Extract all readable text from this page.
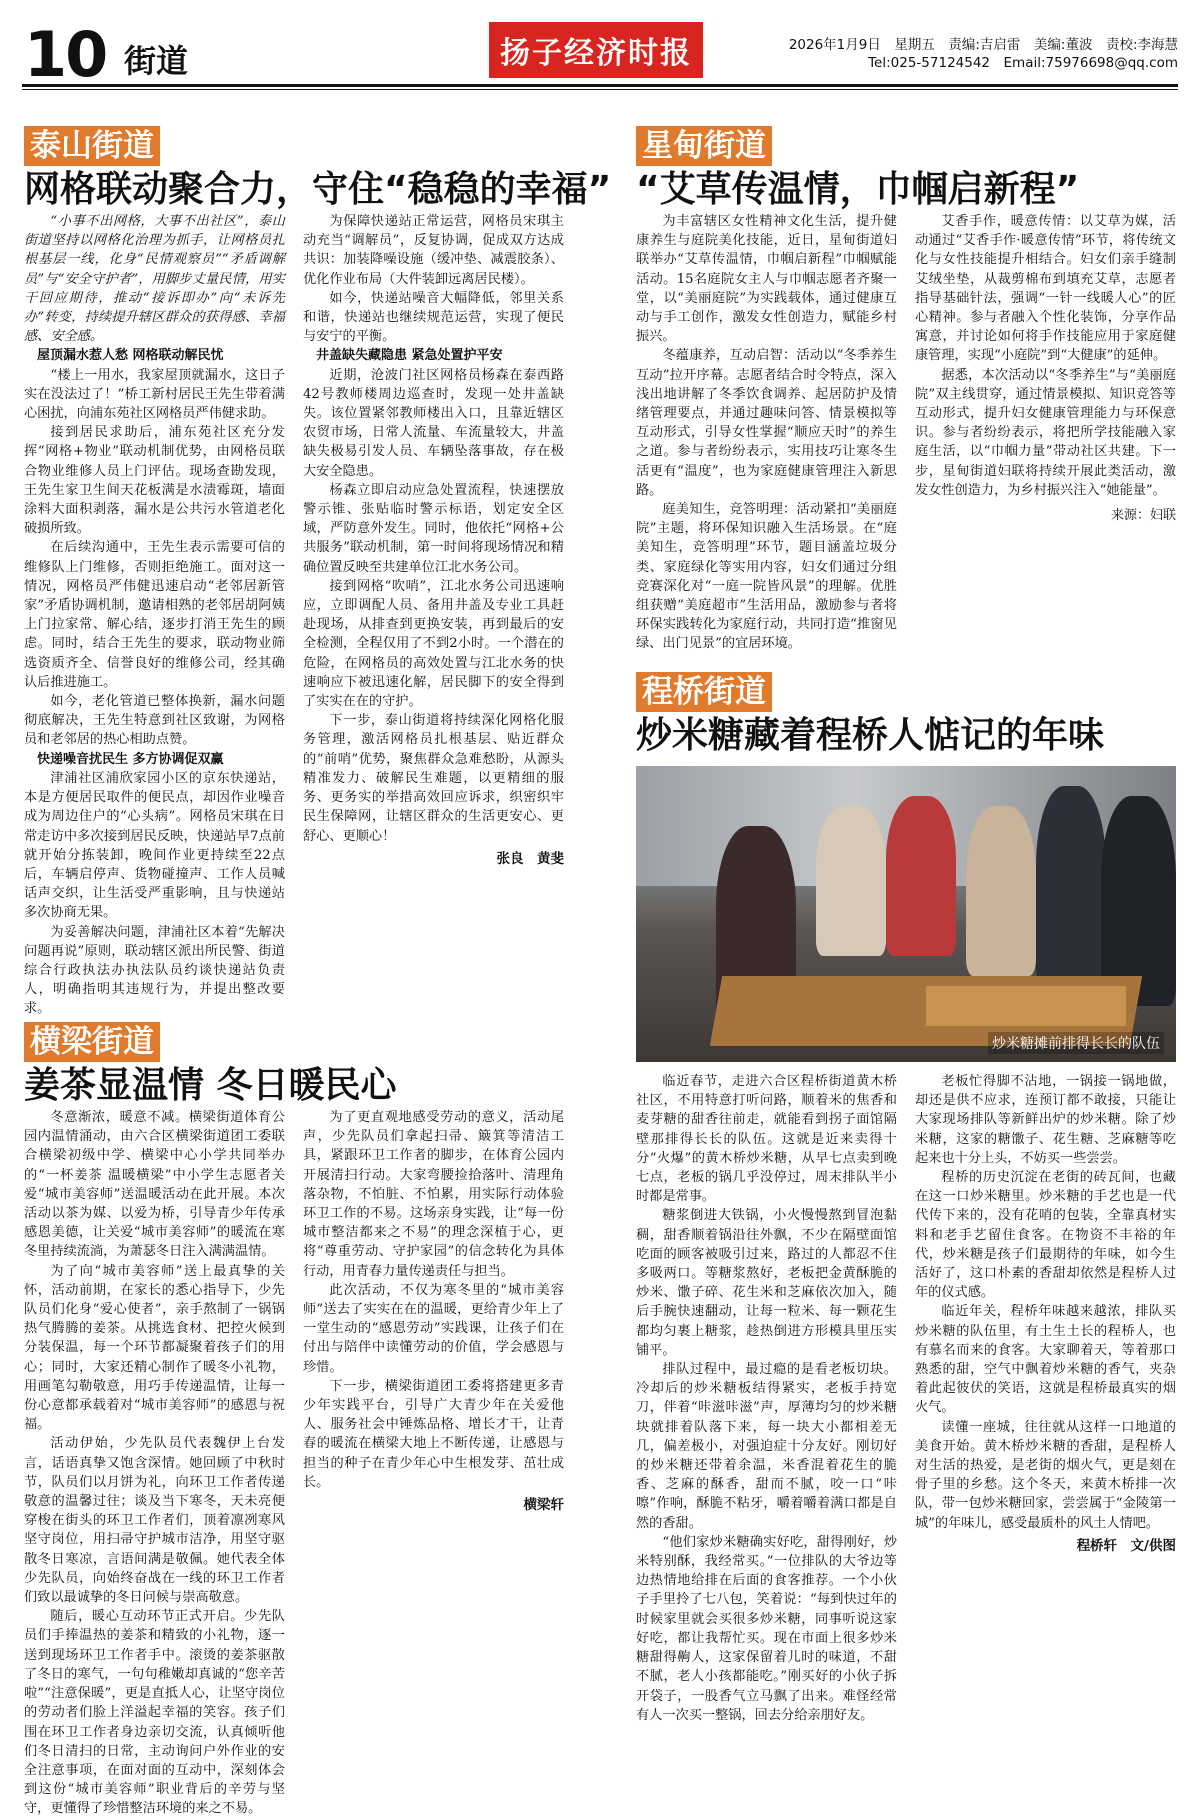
10 街道	扬子经济时报	2026年1月9日　星期五　责编:吉启雷　美编:董波　责校:李海慧
Tel:025-57124542　Email:75976698@qq.com
泰山街道
网格联动聚合力，守住“稳稳的幸福”

“小事不出网格，大事不出社区”，泰山街道坚持以网格化治理为抓手，让网格员扎根基层一线，化身“民情观察员”“矛盾调解员”与“安全守护者”，用脚步丈量民情，用实干回应期待，推动“接诉即办”向“未诉先办”转变，持续提升辖区群众的获得感、幸福感、安全感。

屋顶漏水惹人愁 网格联动解民忧

“楼上一用水，我家屋顶就漏水，这日子实在没法过了！”桥工新村居民王先生带着满心困扰，向浦东苑社区网格员严伟健求助。

接到居民求助后，浦东苑社区充分发挥“网格+物业”联动机制优势，由网格员联合物业维修人员上门评估。现场查勘发现，王先生家卫生间天花板满是水渍霉斑，墙面涂料大面积剥落，漏水是公共污水管道老化破损所致。

在后续沟通中，王先生表示需要可信的维修队上门维修，否则拒绝施工。面对这一情况，网格员严伟健迅速启动“老邻居新管家”矛盾协调机制，邀请相熟的老邻居胡阿姨上门拉家常、解心结，逐步打消王先生的顾虑。同时，结合王先生的要求，联动物业筛选资质齐全、信誉良好的维修公司，经其确认后推进施工。

如今，老化管道已整体换新，漏水问题彻底解决，王先生特意到社区致谢，为网格员和老邻居的热心相助点赞。

快递噪音扰民生 多方协调促双赢

津浦社区浦欣家园小区的京东快递站，本是方便居民取件的便民点，却因作业噪音成为周边住户的“心头病”。网格员宋琪在日常走访中多次接到居民反映，快递站早7点前就开始分拣装卸，晚间作业更持续至22点后，车辆启停声、货物碰撞声、工作人员喊话声交织，让生活受严重影响，且与快递站多次协商无果。

为妥善解决问题，津浦社区本着“先解决问题再说”原则，联动辖区派出所民警、街道综合行政执法办执法队员约谈快递站负责人，明确指明其违规行为，并提出整改要求。

为保障快递站正常运营，网格员宋琪主动充当“调解员”，反复协调，促成双方达成共识：加装降噪设施（缓冲垫、减震胶条）、优化作业布局（大件装卸远离居民楼）。

如今，快递站噪音大幅降低，邻里关系和谐，快递站也继续规范运营，实现了便民与安宁的平衡。

井盖缺失藏隐患 紧急处置护平安

近期，沧波门社区网格员杨森在泰西路42号教师楼周边巡查时，发现一处井盖缺失。该位置紧邻教师楼出入口，且靠近辖区农贸市场，日常人流量、车流量较大，井盖缺失极易引发人员、车辆坠落事故，存在极大安全隐患。

杨森立即启动应急处置流程，快速摆放警示锥、张贴临时警示标语，划定安全区域，严防意外发生。同时，他依托“网格+公共服务”联动机制，第一时间将现场情况和精确位置反映至共建单位江北水务公司。

接到网格“吹哨”，江北水务公司迅速响应，立即调配人员、备用井盖及专业工具赶赴现场，从排查到更换安装，再到最后的安全检测，全程仅用了不到2小时。一个潜在的危险，在网格员的高效处置与江北水务的快速响应下被迅速化解，居民脚下的安全得到了实实在在的守护。

下一步，泰山街道将持续深化网格化服务管理，激活网格员扎根基层、贴近群众的“前哨”优势，聚焦群众急难愁盼，从源头精准发力、破解民生难题，以更精细的服务、更务实的举措高效回应诉求，织密织牢民生保障网，让辖区群众的生活更安心、更舒心、更顺心！

张良　黄斐
横梁街道
姜茶显温情 冬日暖民心

冬意渐浓，暖意不减。横梁街道体育公园内温情涌动，由六合区横梁街道团工委联合横梁初级中学、横梁中心小学共同举办的“一杯姜茶 温暖横梁”中小学生志愿者关爱“城市美容师”送温暖活动在此开展。本次活动以茶为媒、以爱为桥，引导青少年传承感恩美德，让关爱“城市美容师”的暖流在寒冬里持续流淌，为萧瑟冬日注入满满温情。

为了向“城市美容师”送上最真挚的关怀，活动前期，在家长的悉心指导下，少先队员们化身“爱心使者”，亲手熬制了一锅锅热气腾腾的姜茶。从挑选食材、把控火候到分装保温，每一个环节都凝聚着孩子们的用心；同时，大家还精心制作了暖冬小礼物，用画笔勾勒敬意，用巧手传递温情，让每一份心意都承载着对“城市美容师”的感恩与祝福。

活动伊始，少先队员代表魏伊上台发言，话语真挚又饱含深情。她回顾了中秋时节，队员们以月饼为礼，向环卫工作者传递敬意的温馨过往；谈及当下寒冬，天未亮便穿梭在街头的环卫工作者们，顶着凛冽寒风坚守岗位，用扫帚守护城市洁净，用坚守驱散冬日寒凉，言语间满是敬佩。她代表全体少先队员，向始终奋战在一线的环卫工作者们致以最诚挚的冬日问候与崇高敬意。

随后，暖心互动环节正式开启。少先队员们手捧温热的姜茶和精致的小礼物，逐一送到现场环卫工作者手中。滚烫的姜茶驱散了冬日的寒气，一句句稚嫩却真诚的“您辛苦啦”“注意保暖”，更是直抵人心，让坚守岗位的劳动者们脸上洋溢起幸福的笑容。孩子们围在环卫工作者身边亲切交流，认真倾听他们冬日清扫的日常，主动询问户外作业的安全注意事项，在面对面的互动中，深刻体会到这份“城市美容师”职业背后的辛劳与坚守，更懂得了珍惜整洁环境的来之不易。

为了更直观地感受劳动的意义，活动尾声，少先队员们拿起扫帚、簸箕等清洁工具，紧跟环卫工作者的脚步，在体育公园内开展清扫行动。大家弯腰捡拾落叶、清理角落杂物，不怕脏、不怕累，用实际行动体验环卫工作的不易。这场亲身实践，让“每一份城市整洁都来之不易”的理念深植于心，更将“尊重劳动、守护家园”的信念转化为具体行动，用青春力量传递责任与担当。

此次活动，不仅为寒冬里的“城市美容师”送去了实实在在的温暖，更给青少年上了一堂生动的“感恩劳动”实践课，让孩子们在付出与陪伴中读懂劳动的价值，学会感恩与珍惜。

下一步，横梁街道团工委将搭建更多青少年实践平台，引导广大青少年在关爱他人、服务社会中锤炼品格、增长才干，让青春的暖流在横梁大地上不断传递，让感恩与担当的种子在青少年心中生根发芽、茁壮成长。

横梁轩
星甸街道
“艾草传温情，巾帼启新程”

为丰富辖区女性精神文化生活，提升健康养生与庭院美化技能，近日，星甸街道妇联举办“艾草传温情，巾帼启新程”巾帼赋能活动。15名庭院女主人与巾帼志愿者齐聚一堂，以“美丽庭院”为实践载体，通过健康互动与手工创作，激发女性创造力，赋能乡村振兴。

冬蕴康养，互动启智：活动以“冬季养生互动”拉开序幕。志愿者结合时令特点，深入浅出地讲解了冬季饮食调养、起居防护及情绪管理要点，并通过趣味问答、情景模拟等互动形式，引导女性掌握“顺应天时”的养生之道。参与者纷纷表示，实用技巧让寒冬生活更有“温度”，也为家庭健康管理注入新思路。

庭美知生，竞答明理：活动紧扣“美丽庭院”主题，将环保知识融入生活场景。在“庭美知生，竞答明理”环节，题目涵盖垃圾分类、家庭绿化等实用内容，妇女们通过分组竞赛深化对“一庭一院皆风景”的理解。优胜组获赠“美庭超市”生活用品，激励参与者将环保实践转化为家庭行动，共同打造“推窗见绿、出门见景”的宜居环境。

艾香手作，暖意传情：以艾草为媒，活动通过“艾香手作·暖意传情”环节，将传统文化与女性技能提升相结合。妇女们亲手缝制艾绒坐垫，从裁剪棉布到填充艾草，志愿者指导基础针法，强调“一针一线暖人心”的匠心精神。参与者融入个性化装饰，分享作品寓意，并讨论如何将手作技能应用于家庭健康管理，实现“小庭院”到“大健康”的延伸。

据悉，本次活动以“冬季养生”与“美丽庭院”双主线贯穿，通过情景模拟、知识竞答等互动形式，提升妇女健康管理能力与环保意识。参与者纷纷表示，将把所学技能融入家庭生活，以“巾帼力量”带动社区共建。下一步，星甸街道妇联将持续开展此类活动，激发女性创造力，为乡村振兴注入“她能量”。

来源：妇联
程桥街道
炒米糖藏着程桥人惦记的年味
炒米糖摊前排得长长的队伍

临近春节，走进六合区程桥街道黄木桥社区，不用特意打听问路，顺着米的焦香和麦芽糖的甜香往前走，就能看到拐子面馆隔壁那排得长长的队伍。这就是近来卖得十分“火爆”的黄木桥炒米糖，从早七点卖到晚七点，老板的锅几乎没停过，周末排队半小时都是常事。

糖浆倒进大铁锅，小火慢慢熬到冒泡黏稠，甜香顺着锅沿往外飘，不少在隔壁面馆吃面的顾客被吸引过来，路过的人都忍不住多吸两口。等糖浆熬好，老板把金黄酥脆的炒米、馓子碎、花生米和芝麻依次加入，随后手腕快速翻动，让每一粒米、每一颗花生都均匀裹上糖浆，趁热倒进方形模具里压实铺平。

排队过程中，最过瘾的是看老板切块。冷却后的炒米糖板结得紧实，老板手持宽刀，伴着“咔滋咔滋”声，厚薄均匀的炒米糖块就排着队落下来，每一块大小都相差无几，偏差极小，对强迫症十分友好。刚切好的炒米糖还带着余温，米香混着花生的脆香、芝麻的酥香，甜而不腻，咬一口“咔嚓”作响，酥脆不粘牙，嚼着嚼着满口都是自然的香甜。

“他们家炒米糖确实好吃，甜得刚好，炒米特别酥，我经常买。”一位排队的大爷边等边热情地给排在后面的食客推荐。一个小伙子手里拎了七八包，笑着说：“每到快过年的时候家里就会买很多炒米糖，同事听说这家好吃，都让我帮忙买。现在市面上很多炒米糖甜得齁人，这家保留着儿时的味道，不甜不腻，老人小孩都能吃。”刚买好的小伙子拆开袋子，一股香气立马飘了出来。难怪经常有人一次买一整锅，回去分给亲朋好友。

老板忙得脚不沾地，一锅接一锅地做，却还是供不应求，连预订都不敢接，只能让大家现场排队等新鲜出炉的炒米糖。除了炒米糖，这家的糖馓子、花生糖、芝麻糖等吃起来也十分上头，不妨买一些尝尝。

程桥的历史沉淀在老街的砖瓦间，也藏在这一口炒米糖里。炒米糖的手艺也是一代代传下来的，没有花哨的包装，全靠真材实料和老手艺留住食客。在物资不丰裕的年代，炒米糖是孩子们最期待的年味，如今生活好了，这口朴素的香甜却依然是程桥人过年的仪式感。

临近年关，程桥年味越来越浓，排队买炒米糖的队伍里，有土生土长的程桥人，也有慕名而来的食客。大家聊着天，等着那口熟悉的甜，空气中飘着炒米糖的香气，夹杂着此起彼伏的笑语，这就是程桥最真实的烟火气。

读懂一座城，往往就从这样一口地道的美食开始。黄木桥炒米糖的香甜，是程桥人对生活的热爱，是老街的烟火气，更是刻在骨子里的乡愁。这个冬天，来黄木桥排一次队，带一包炒米糖回家，尝尝属于“金陵第一城”的年味儿，感受最质朴的风土人情吧。

程桥轩　文/供图
